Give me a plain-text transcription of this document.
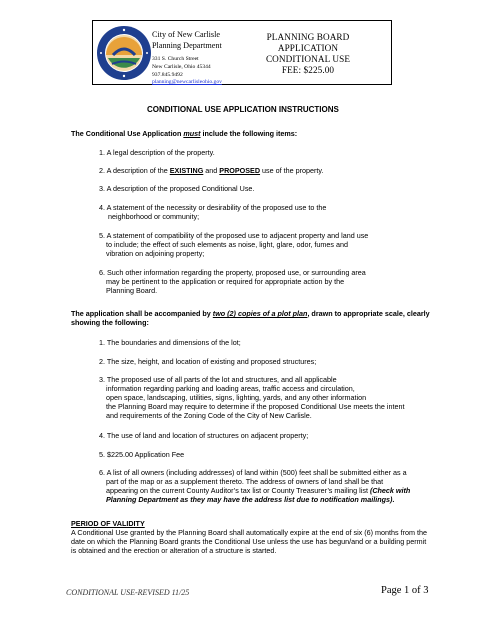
City of New Carlisle
Planning Department
331 S. Church Street
New Carlisle, Ohio 45344
937.845.9492
planning@newcarlisleohio.gov
PLANNING BOARD
APPLICATION
CONDITIONAL USE
FEE: $225.00
CONDITIONAL USE APPLICATION INSTRUCTIONS
The Conditional Use Application must include the following items:
1. A legal description of the property.
2. A description of the EXISTING and PROPOSED use of the property.
3. A description of the proposed Conditional Use.
4. A statement of the necessity or desirability of the proposed use to the
neighborhood or community;
5. A statement of compatibility of the proposed use to adjacent property and land use
to include; the effect of such elements as noise, light, glare, odor, fumes and
vibration on adjoining property;
6. Such other information regarding the property, proposed use, or surrounding area
may be pertinent to the application or required for appropriate action by the
Planning Board.
The application shall be accompanied by two (2) copies of a plot plan, drawn to appropriate scale, clearly
showing the following:
1. The boundaries and dimensions of the lot;
2. The size, height, and location of existing and proposed structures;
3. The proposed use of all parts of the lot and structures, and all applicable
information regarding parking and loading areas, traffic access and circulation,
open space, landscaping, utilities, signs, lighting, yards, and any other information
the Planning Board may require to determine if the proposed Conditional Use meets the intent
and requirements of the Zoning Code of the City of New Carlisle.
4. The use of land and location of structures on adjacent property;
5. $225.00 Application Fee
6. A list of all owners (including addresses) of land within (500) feet shall be submitted either as a
part of the map or as a supplement thereto. The address of owners of land shall be that
appearing on the current County Auditor’s tax list or County Treasurer’s mailing list (Check with
Planning Department as they may have the address list due to notification mailings).
PERIOD OF VALIDITY
A Conditional Use granted by the Planning Board shall automatically expire at the end of six (6) months from the
date on which the Planning Board grants the Conditional Use unless the use has begun/and or a building permit
is obtained and the erection or alteration of a structure is started.
CONDITIONAL USE-REVISED 11/25	Page 1 of 3
